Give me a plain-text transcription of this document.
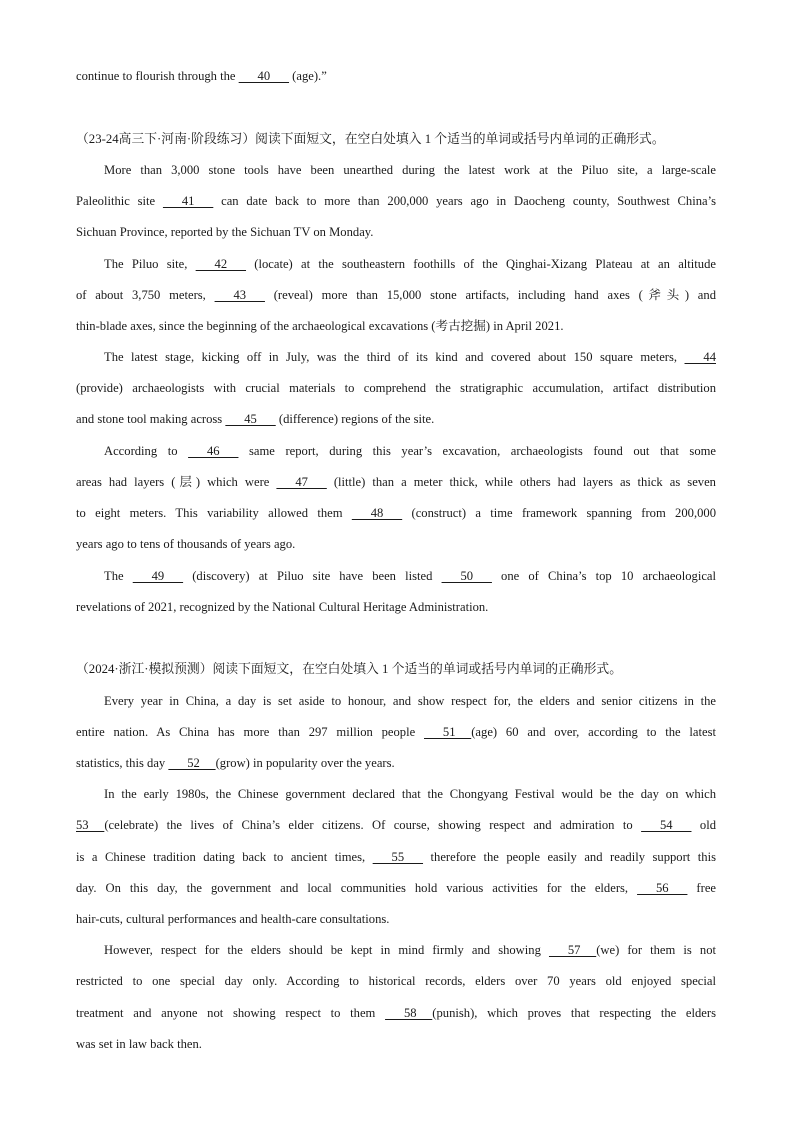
continue to flourish through the       40       (age).”
（23-24高三下·河南·阶段练习）阅读下面短文，在空白处填入 1 个适当的单词或括号内单词的正确形式。
More than 3,000 stone tools have been unearthed during the latest work at the Piluo site, a large-scale
Paleolithic site       41       can date back to more than 200,000 years ago in Daocheng county, Southwest China’s
Sichuan Province, reported by the Sichuan TV on Monday.
The Piluo site,       42       (locate) at the southeastern foothills of the Qinghai-Xizang Plateau at an altitude
of about 3,750 meters,       43       (reveal) more than 15,000 stone artifacts, including hand axes (斧头) and
thin-blade axes, since the beginning of the archaeological excavations (考古挖掘) in April 2021.
The latest stage, kicking off in July, was the third of its kind and covered about 150 square meters,       44
(provide) archaeologists with crucial materials to comprehend the stratigraphic accumulation, artifact distribution
and stone tool making across       45       (difference) regions of the site.
According to       46       same report, during this year’s excavation, archaeologists found out that some
areas had layers (层) which were       47       (little) than a meter thick, while others had layers as thick as seven
to eight meters. This variability allowed them       48       (construct) a time framework spanning from 200,000
years ago to tens of thousands of years ago.
The       49       (discovery) at Piluo site have been listed       50       one of China’s top 10 archaeological
revelations of 2021, recognized by the National Cultural Heritage Administration.
（2024·浙江·模拟预测）阅读下面短文，在空白处填入 1 个适当的单词或括号内单词的正确形式。
Every year in China, a day is set aside to honour, and show respect for, the elders and senior citizens in the
entire nation. As China has more than 297 million people       51     (age) 60 and over, according to the latest
statistics, this day       52     (grow) in popularity over the years.
In the early 1980s, the Chinese government declared that the Chongyang Festival would be the day on which
53     (celebrate) the lives of China’s elder citizens. Of course, showing respect and admiration to       54       old
is a Chinese tradition dating back to ancient times,       55       therefore the people easily and readily support this
day. On this day, the government and local communities hold various activities for the elders,       56       free
hair-cuts, cultural performances and health-care consultations.
However, respect for the elders should be kept in mind firmly and showing       57     (we) for them is not
restricted to one special day only. According to historical records, elders over 70 years old enjoyed special
treatment and anyone not showing respect to them       58     (punish), which proves that respecting the elders
was set in law back then.
